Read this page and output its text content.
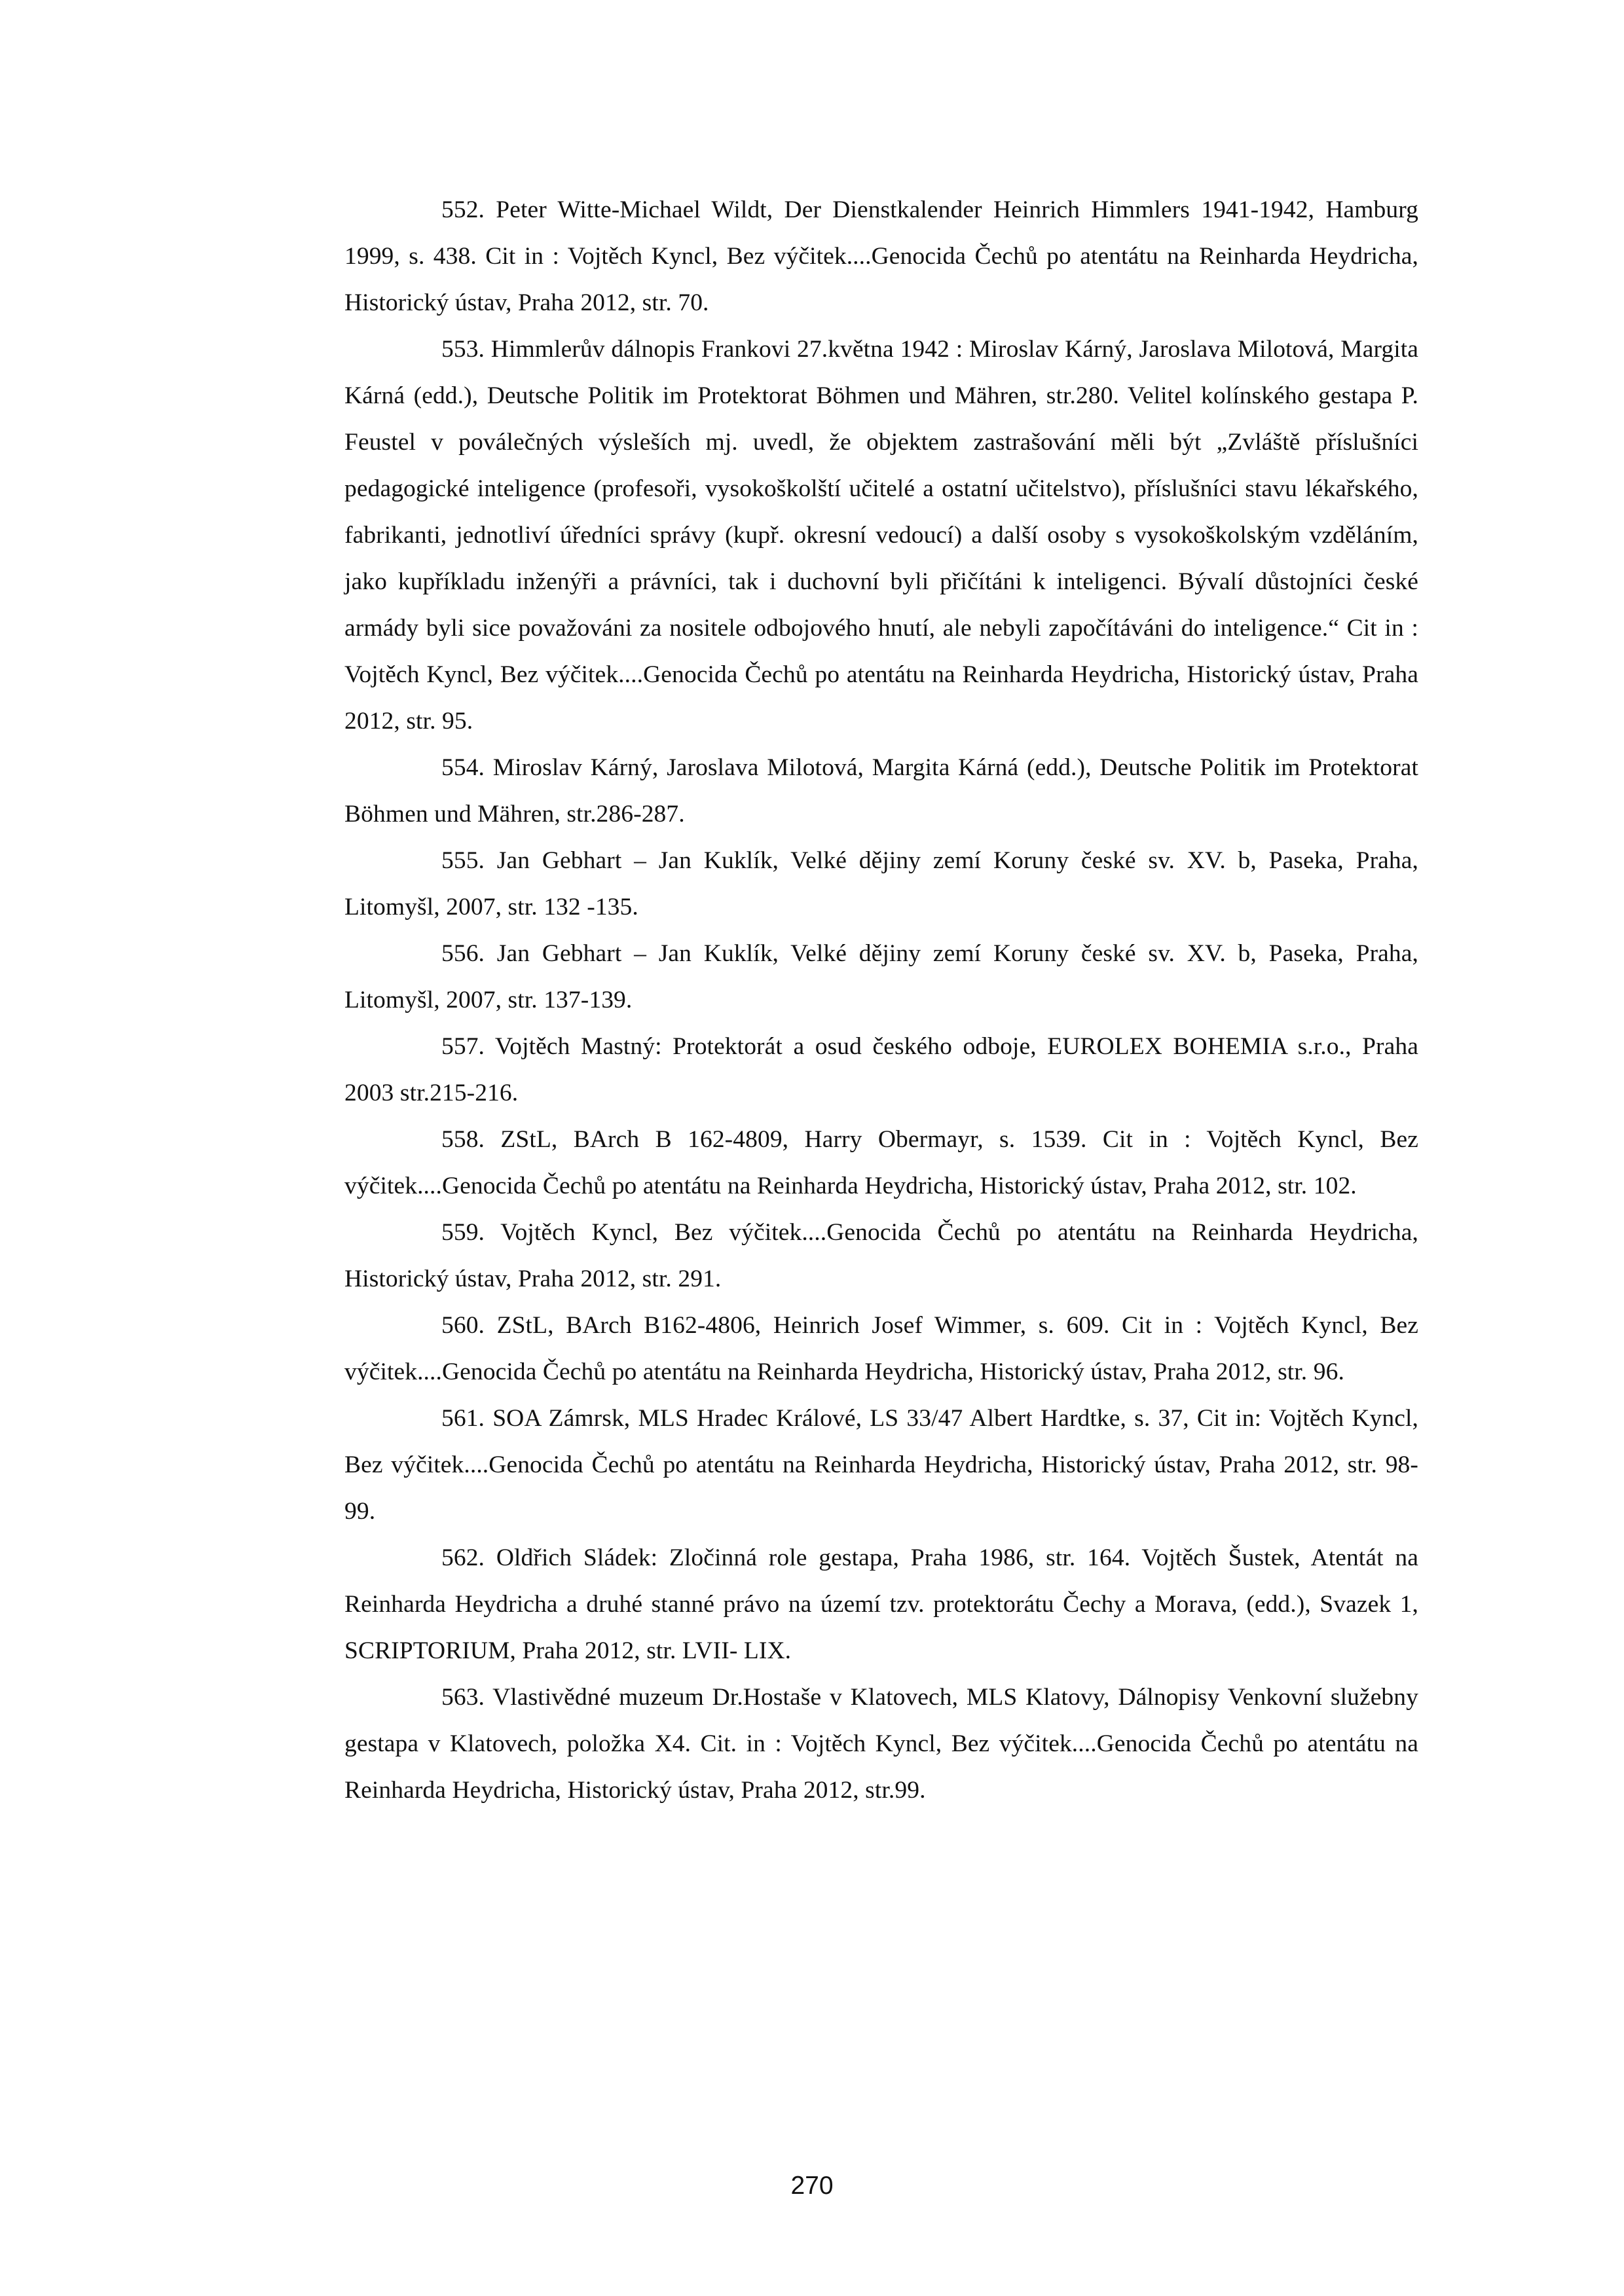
552. Peter Witte-Michael Wildt, Der Dienstkalender Heinrich Himmlers 1941-1942, Hamburg 1999, s. 438. Cit in : Vojtěch Kyncl, Bez výčitek....Genocida Čechů po atentátu na Reinharda Heydricha, Historický ústav, Praha 2012, str. 70.

553. Himmlerův dálnopis Frankovi 27.května 1942 : Miroslav Kárný, Jaroslava Milotová, Margita Kárná (edd.), Deutsche Politik im Protektorat Böhmen und Mähren, str.280. Velitel kolínského gestapa P. Feustel v poválečných výsleších mj. uvedl, že objektem zastrašování měli být „Zvláště příslušníci pedagogické inteligence (profesoři, vysokoškolští učitelé a ostatní učitelstvo), příslušníci stavu lékařského, fabrikanti, jednotliví úředníci správy (kupř. okresní vedoucí) a další osoby s vysokoškolským vzděláním, jako kupříkladu inženýři a právníci, tak i duchovní byli přičítáni k inteligenci. Bývalí důstojníci české armády byli sice považováni za nositele odbojového hnutí, ale nebyli započítáváni do inteligence.“ Cit in : Vojtěch Kyncl, Bez výčitek....Genocida Čechů po atentátu na Reinharda Heydricha, Historický ústav, Praha 2012, str. 95.

554. Miroslav Kárný, Jaroslava Milotová, Margita Kárná (edd.), Deutsche Politik im Protektorat Böhmen und Mähren, str.286-287.

555. Jan Gebhart – Jan Kuklík, Velké dějiny zemí Koruny české sv. XV. b, Paseka, Praha, Litomyšl, 2007, str. 132 -135.

556. Jan Gebhart – Jan Kuklík, Velké dějiny zemí Koruny české sv. XV. b, Paseka, Praha, Litomyšl, 2007, str. 137-139.

557. Vojtěch Mastný: Protektorát a osud českého odboje, EUROLEX BOHEMIA s.r.o., Praha 2003 str.215-216.

558. ZStL, BArch B 162-4809, Harry Obermayr, s. 1539. Cit in : Vojtěch Kyncl, Bez výčitek....Genocida Čechů po atentátu na Reinharda Heydricha, Historický ústav, Praha 2012, str. 102.

559. Vojtěch Kyncl, Bez výčitek....Genocida Čechů po atentátu na Reinharda Heydricha, Historický ústav, Praha 2012, str. 291.

560. ZStL, BArch B162-4806, Heinrich Josef Wimmer, s. 609. Cit in : Vojtěch Kyncl, Bez výčitek....Genocida Čechů po atentátu na Reinharda Heydricha, Historický ústav, Praha 2012, str. 96.

561. SOA Zámrsk, MLS Hradec Králové, LS 33/47 Albert Hardtke, s. 37, Cit in: Vojtěch Kyncl, Bez výčitek....Genocida Čechů po atentátu na Reinharda Heydricha, Historický ústav, Praha 2012, str. 98-99.

562. Oldřich Sládek: Zločinná role gestapa, Praha 1986, str. 164. Vojtěch Šustek, Atentát na Reinharda Heydricha a druhé stanné právo na území tzv. protektorátu Čechy a Morava, (edd.), Svazek 1, SCRIPTORIUM, Praha 2012, str. LVII- LIX.

563. Vlastivědné muzeum Dr.Hostaše v Klatovech, MLS Klatovy, Dálnopisy Venkovní služebny gestapa v Klatovech, položka X4. Cit. in : Vojtěch Kyncl, Bez výčitek....Genocida Čechů po atentátu na Reinharda Heydricha, Historický ústav, Praha 2012, str.99.

270
